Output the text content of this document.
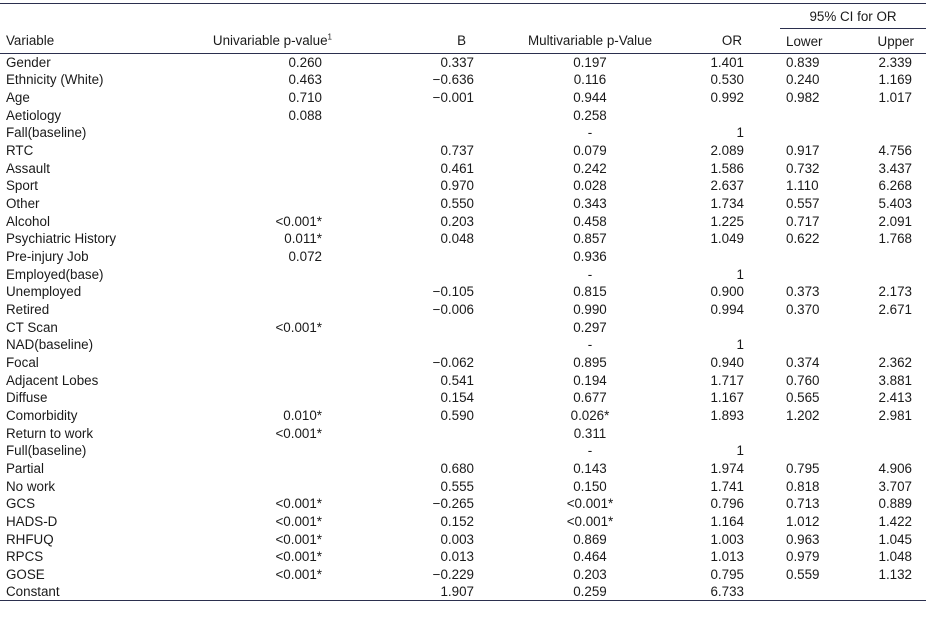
					95% CI for OR	
Variable	Univariable p-value$^1$	B	Multivariable p-Value	OR	Lower	Upper
Gender	0.260	0.337	0.197	1.401	0.839	2.339
Ethnicity (White)	0.463	−0.636	0.116	0.530	0.240	1.169
Age	0.710	−0.001	0.944	0.992	0.982	1.017
Aetiology	0.088		0.258			
Fall(baseline)			-	1		
RTC		0.737	0.079	2.089	0.917	4.756
Assault		0.461	0.242	1.586	0.732	3.437
Sport		0.970	0.028	2.637	1.110	6.268
Other		0.550	0.343	1.734	0.557	5.403
Alcohol	<0.001*	0.203	0.458	1.225	0.717	2.091
Psychiatric History	0.011*	0.048	0.857	1.049	0.622	1.768
Pre-injury Job	0.072		0.936			
Employed(base)			-	1		
Unemployed		−0.105	0.815	0.900	0.373	2.173
Retired		−0.006	0.990	0.994	0.370	2.671
CT Scan	<0.001*		0.297			
NAD(baseline)			-	1		
Focal		−0.062	0.895	0.940	0.374	2.362
Adjacent Lobes		0.541	0.194	1.717	0.760	3.881
Diffuse		0.154	0.677	1.167	0.565	2.413
Comorbidity	0.010*	0.590	0.026*	1.893	1.202	2.981
Return to work	<0.001*		0.311			
Full(baseline)			-	1		
Partial		0.680	0.143	1.974	0.795	4.906
No work		0.555	0.150	1.741	0.818	3.707
GCS	<0.001*	−0.265	<0.001*	0.796	0.713	0.889
HADS-D	<0.001*	0.152	<0.001*	1.164	1.012	1.422
RHFUQ	<0.001*	0.003	0.869	1.003	0.963	1.045
RPCS	<0.001*	0.013	0.464	1.013	0.979	1.048
GOSE	<0.001*	−0.229	0.203	0.795	0.559	1.132
Constant		1.907	0.259	6.733		
